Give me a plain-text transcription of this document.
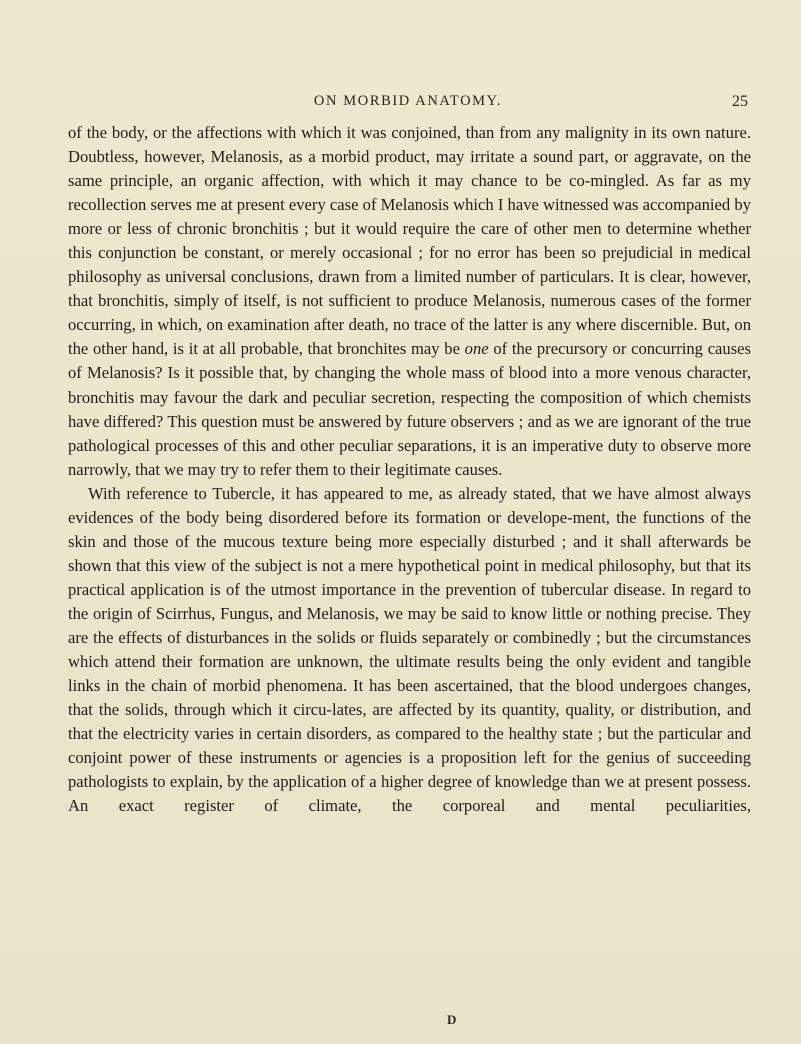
ON MORBID ANATOMY.	25

of the body, or the affections with which it was conjoined, than from any malignity in its own nature. Doubtless, however, Melanosis, as a morbid product, may irritate a sound part, or aggravate, on the same principle, an organic affection, with which it may chance to be co-mingled. As far as my recollection serves me at present every case of Melanosis which I have witnessed was accompanied by more or less of chronic bronchitis ; but it would require the care of other men to determine whether this conjunction be constant, or merely occasional ; for no error has been so prejudicial in medical philosophy as universal conclusions, drawn from a limited number of particulars. It is clear, however, that bronchitis, simply of itself, is not sufficient to produce Melanosis, numerous cases of the former occurring, in which, on examination after death, no trace of the latter is any where discernible. But, on the other hand, is it at all probable, that bronchites may be one of the precursory or concurring causes of Melanosis? Is it possible that, by changing the whole mass of blood into a more venous character, bronchitis may favour the dark and peculiar secretion, respecting the composition of which chemists have differed? This question must be answered by future observers ; and as we are ignorant of the true pathological processes of this and other peculiar separations, it is an imperative duty to observe more narrowly, that we may try to refer them to their legitimate causes.

With reference to Tubercle, it has appeared to me, as already stated, that we have almost always evidences of the body being disordered before its formation or develope-ment, the functions of the skin and those of the mucous texture being more especially disturbed ; and it shall afterwards be shown that this view of the subject is not a mere hypothetical point in medical philosophy, but that its practical application is of the utmost importance in the prevention of tubercular disease. In regard to the origin of Scirrhus, Fungus, and Melanosis, we may be said to know little or nothing precise. They are the effects of disturbances in the solids or fluids separately or combinedly ; but the circumstances which attend their formation are unknown, the ultimate results being the only evident and tangible links in the chain of morbid phenomena. It has been ascertained, that the blood undergoes changes, that the solids, through which it circu-lates, are affected by its quantity, quality, or distribution, and that the electricity varies in certain disorders, as compared to the healthy state ; but the particular and conjoint power of these instruments or agencies is a proposition left for the genius of succeeding pathologists to explain, by the application of a higher degree of knowledge than we at present possess. An exact register of climate, the corporeal and mental peculiarities,

D
